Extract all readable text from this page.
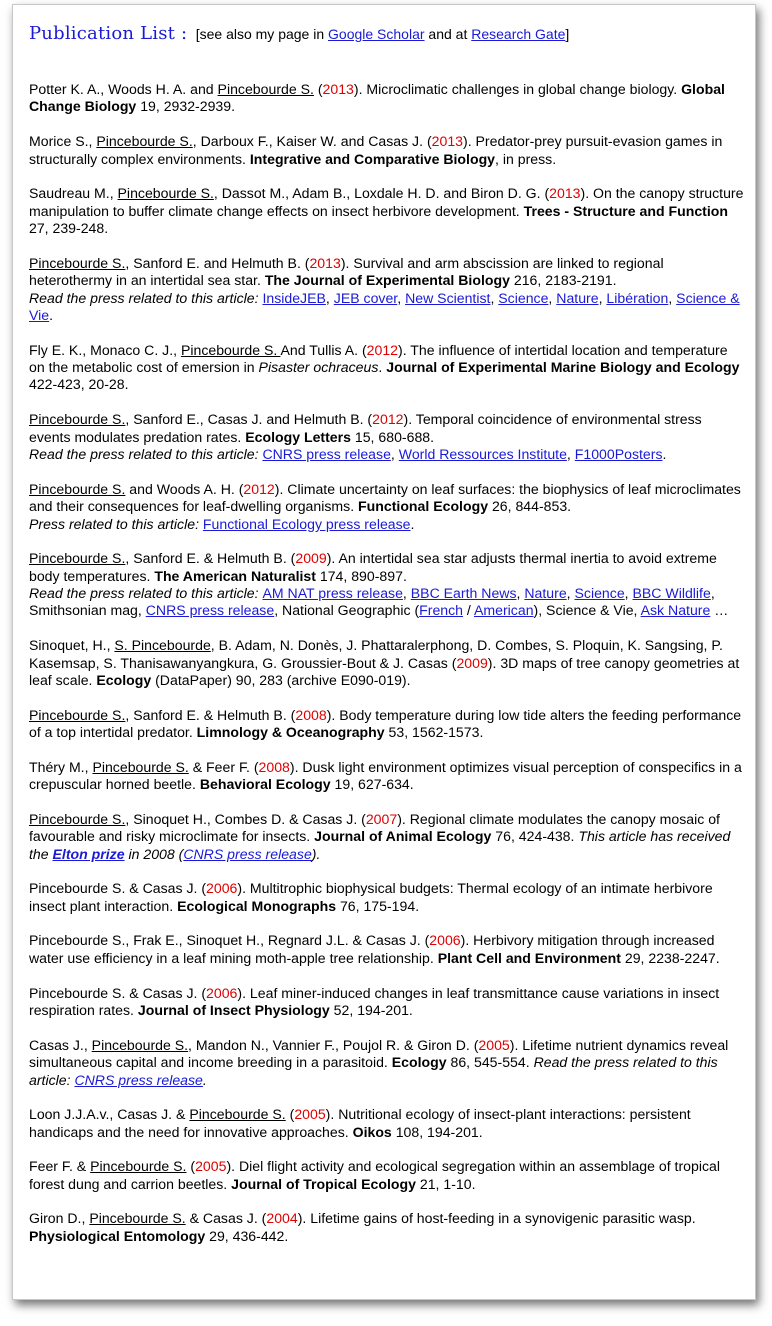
Publication List : [see also my page in Google Scholar and at Research Gate]

Potter K. A., Woods H. A. and Pincebourde S. (2013). Microclimatic challenges in global change biology. Global Change Biology 19, 2932-2939.

Morice S., Pincebourde S., Darboux F., Kaiser W. and Casas J. (2013). Predator-prey pursuit-evasion games in structurally complex environments. Integrative and Comparative Biology, in press.

Saudreau M., Pincebourde S., Dassot M., Adam B., Loxdale H. D. and Biron D. G. (2013). On the canopy structure manipulation to buffer climate change effects on insect herbivore development. Trees - Structure and Function 27, 239-248.

Pincebourde S., Sanford E. and Helmuth B. (2013). Survival and arm abscission are linked to regional heterothermy in an intertidal sea star. The Journal of Experimental Biology 216, 2183-2191.
Read the press related to this article: InsideJEB, JEB cover, New Scientist, Science, Nature, Libération, Science & Vie.

Fly E. K., Monaco C. J., Pincebourde S. And Tullis A. (2012). The influence of intertidal location and temperature on the metabolic cost of emersion in Pisaster ochraceus. Journal of Experimental Marine Biology and Ecology 422-423, 20-28.

Pincebourde S., Sanford E., Casas J. and Helmuth B. (2012). Temporal coincidence of environmental stress events modulates predation rates. Ecology Letters 15, 680-688.
Read the press related to this article: CNRS press release, World Ressources Institute, F1000Posters.

Pincebourde S. and Woods A. H. (2012). Climate uncertainty on leaf surfaces: the biophysics of leaf microclimates and their consequences for leaf-dwelling organisms. Functional Ecology 26, 844-853.
Press related to this article: Functional Ecology press release.

Pincebourde S., Sanford E. & Helmuth B. (2009). An intertidal sea star adjusts thermal inertia to avoid extreme body temperatures. The American Naturalist 174, 890-897.
Read the press related to this article: AM NAT press release, BBC Earth News, Nature, Science, BBC Wildlife, Smithsonian mag, CNRS press release, National Geographic (French / American), Science & Vie, Ask Nature …

Sinoquet, H., S. Pincebourde, B. Adam, N. Donès, J. Phattaralerphong, D. Combes, S. Ploquin, K. Sangsing, P. Kasemsap, S. Thanisawanyangkura, G. Groussier-Bout & J. Casas (2009). 3D maps of tree canopy geometries at leaf scale. Ecology (DataPaper) 90, 283 (archive E090-019).

Pincebourde S., Sanford E. & Helmuth B. (2008). Body temperature during low tide alters the feeding performance of a top intertidal predator. Limnology & Oceanography 53, 1562-1573.

Théry M., Pincebourde S. & Feer F. (2008). Dusk light environment optimizes visual perception of conspecifics in a crepuscular horned beetle. Behavioral Ecology 19, 627-634.

Pincebourde S., Sinoquet H., Combes D. & Casas J. (2007). Regional climate modulates the canopy mosaic of favourable and risky microclimate for insects. Journal of Animal Ecology 76, 424-438. This article has received the Elton prize in 2008 (CNRS press release).

Pincebourde S. & Casas J. (2006). Multitrophic biophysical budgets: Thermal ecology of an intimate herbivore insect plant interaction. Ecological Monographs 76, 175-194.

Pincebourde S., Frak E., Sinoquet H., Regnard J.L. & Casas J. (2006). Herbivory mitigation through increased water use efficiency in a leaf mining moth-apple tree relationship. Plant Cell and Environment 29, 2238-2247.

Pincebourde S. & Casas J. (2006). Leaf miner-induced changes in leaf transmittance cause variations in insect respiration rates. Journal of Insect Physiology 52, 194-201.

Casas J., Pincebourde S., Mandon N., Vannier F., Poujol R. & Giron D. (2005). Lifetime nutrient dynamics reveal simultaneous capital and income breeding in a parasitoid. Ecology 86, 545-554. Read the press related to this article: CNRS press release.

Loon J.J.A.v., Casas J. & Pincebourde S. (2005). Nutritional ecology of insect-plant interactions: persistent handicaps and the need for innovative approaches. Oikos 108, 194-201.

Feer F. & Pincebourde S. (2005). Diel flight activity and ecological segregation within an assemblage of tropical forest dung and carrion beetles. Journal of Tropical Ecology 21, 1-10.

Giron D., Pincebourde S. & Casas J. (2004). Lifetime gains of host-feeding in a synovigenic parasitic wasp. Physiological Entomology 29, 436-442.
